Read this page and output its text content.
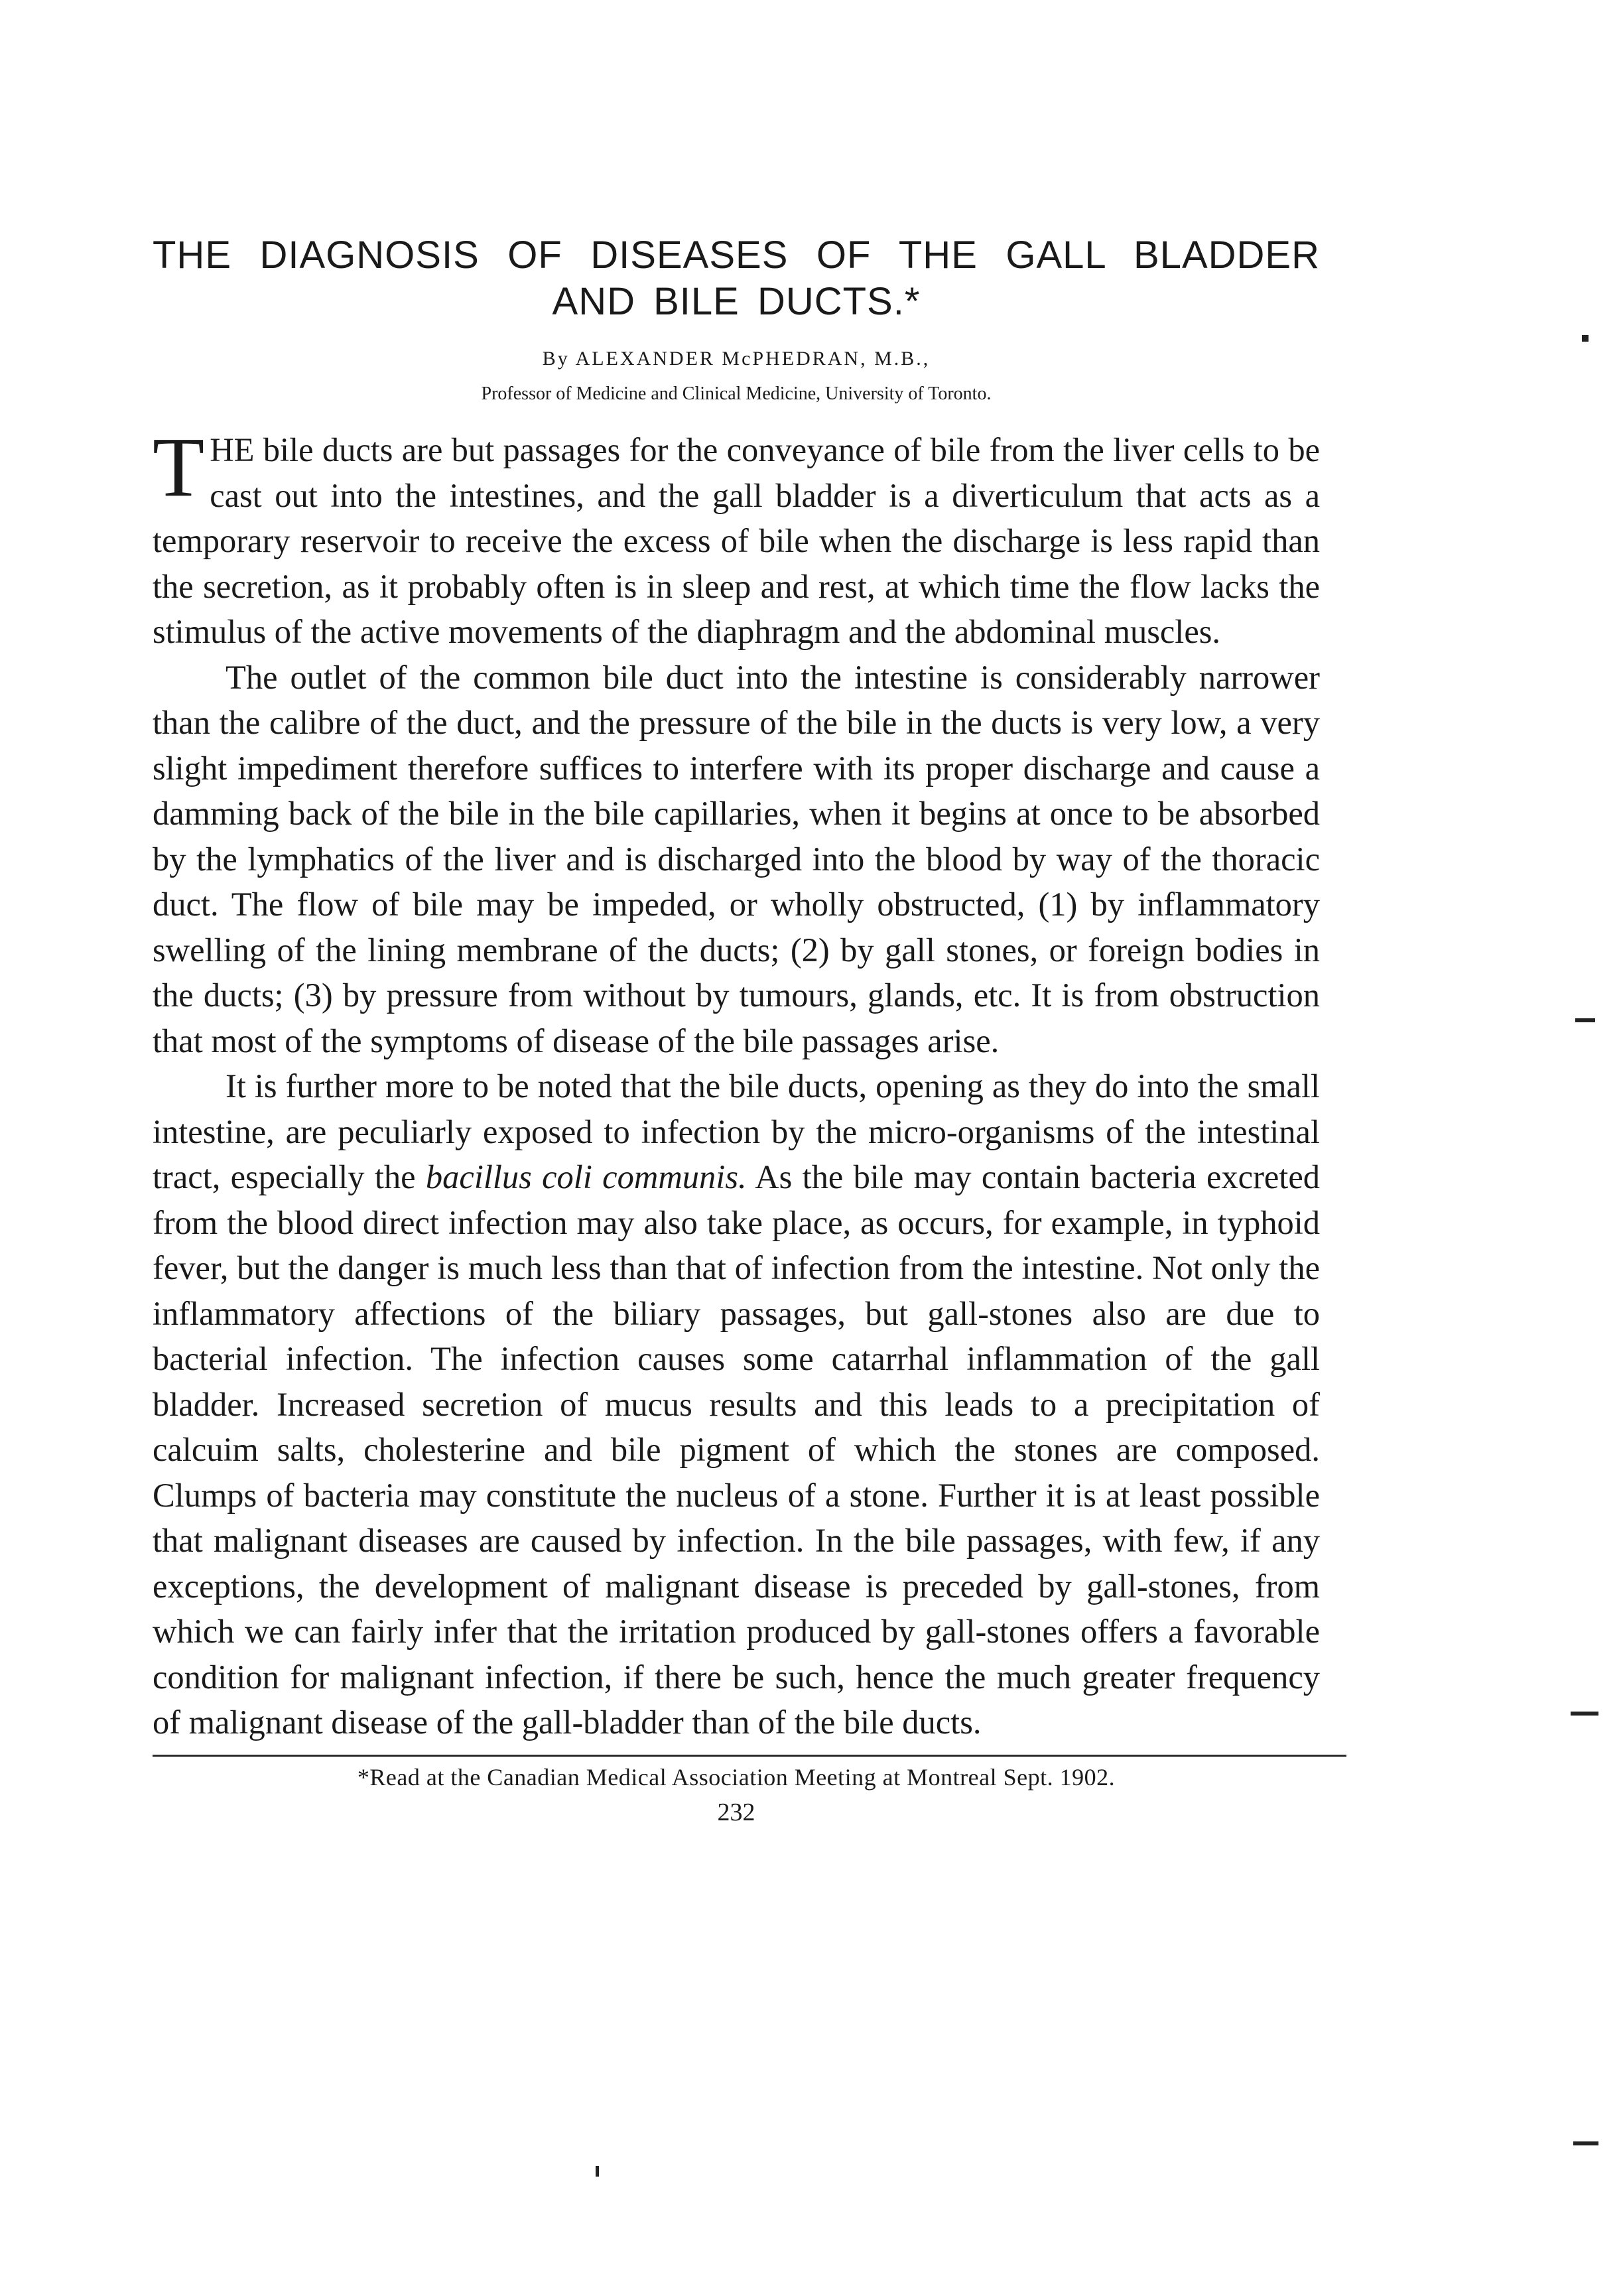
THE DIAGNOSIS OF DISEASES OF THE GALL BLADDER AND BILE DUCTS.*
By ALEXANDER McPHEDRAN, M.B.,
Professor of Medicine and Clinical Medicine, University of Toronto.

THE bile ducts are but passages for the conveyance of bile from the liver cells to be cast out into the intestines, and the gall bladder is a diverticulum that acts as a temporary reservoir to receive the excess of bile when the discharge is less rapid than the secretion, as it probably often is in sleep and rest, at which time the flow lacks the stimulus of the active movements of the diaphragm and the abdominal muscles.

The outlet of the common bile duct into the intestine is considerably narrower than the calibre of the duct, and the pressure of the bile in the ducts is very low, a very slight impediment therefore suffices to interfere with its proper discharge and cause a damming back of the bile in the bile capillaries, when it begins at once to be absorbed by the lymphatics of the liver and is discharged into the blood by way of the thoracic duct. The flow of bile may be impeded, or wholly obstructed, (1) by inflammatory swelling of the lining membrane of the ducts; (2) by gall stones, or foreign bodies in the ducts; (3) by pressure from without by tumours, glands, etc. It is from obstruction that most of the symptoms of disease of the bile passages arise.

It is further more to be noted that the bile ducts, opening as they do into the small intestine, are peculiarly exposed to infection by the micro-organisms of the intestinal tract, especially the bacillus coli communis. As the bile may contain bacteria excreted from the blood direct infection may also take place, as occurs, for example, in typhoid fever, but the danger is much less than that of infection from the intestine. Not only the inflammatory affections of the biliary passages, but gall-stones also are due to bacterial infection. The infection causes some catarrhal inflammation of the gall bladder. Increased secretion of mucus results and this leads to a precipitation of calcuim salts, cholesterine and bile pigment of which the stones are composed. Clumps of bacteria may constitute the nucleus of a stone. Further it is at least possible that malignant diseases are caused by infection. In the bile passages, with few, if any exceptions, the development of malignant disease is preceded by gall-stones, from which we can fairly infer that the irritation produced by gall-stones offers a favorable condition for malignant infection, if there be such, hence the much greater frequency of malignant disease of the gall-bladder than of the bile ducts.

*Read at the Canadian Medical Association Meeting at Montreal Sept. 1902.
232
